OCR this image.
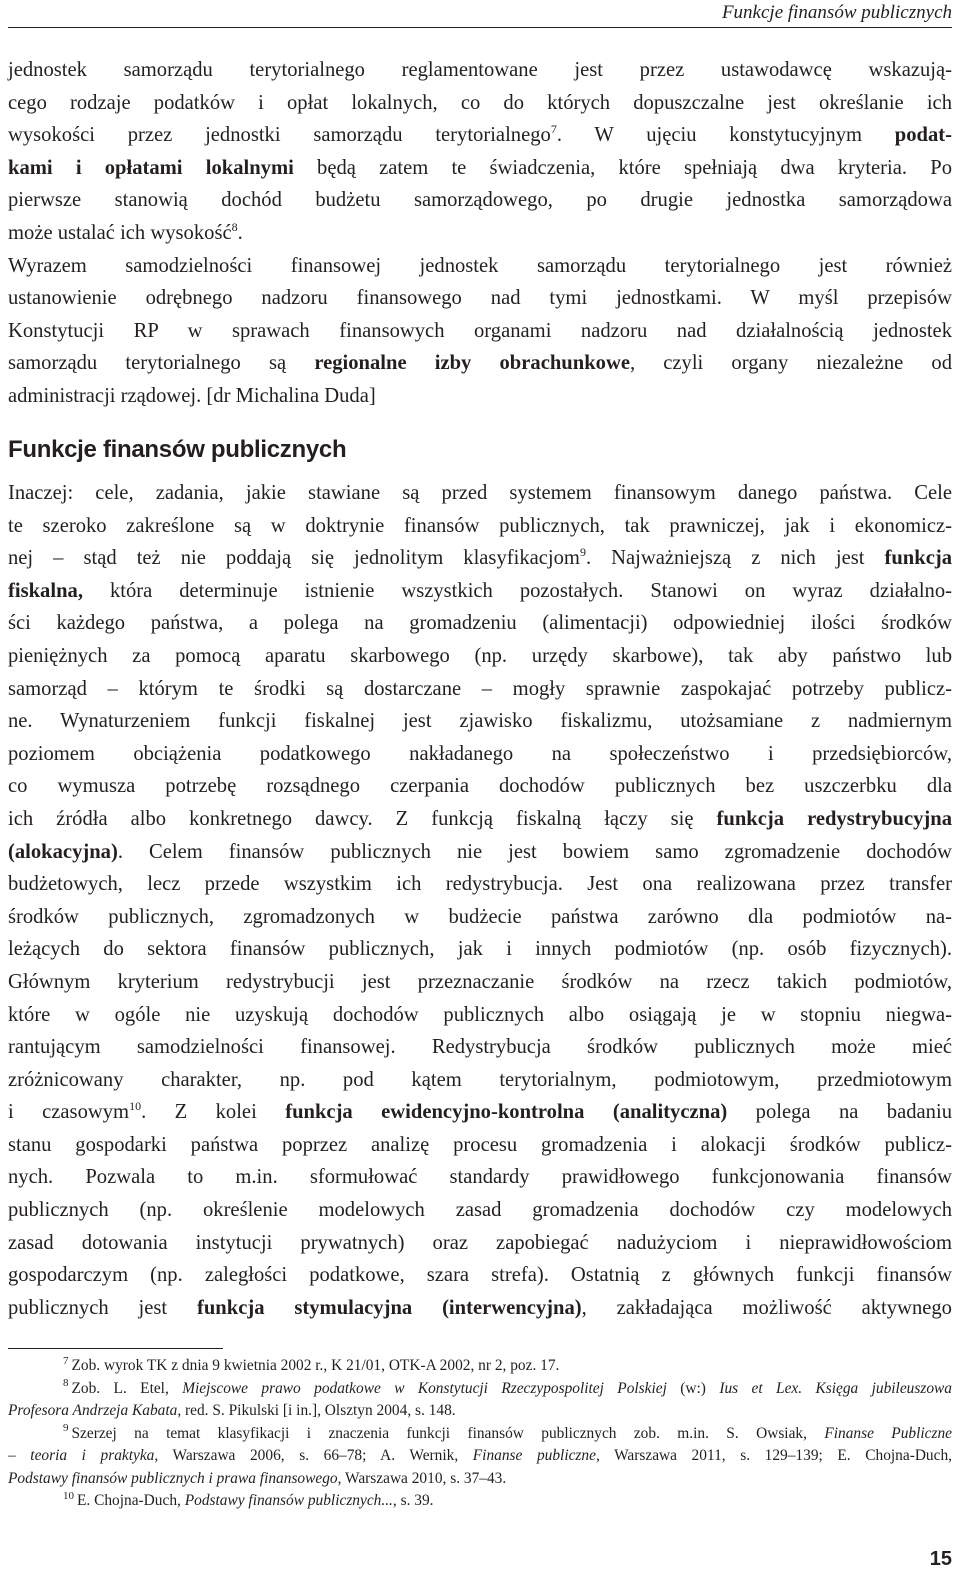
Funkcje finansów publicznych
jednostek samorządu terytorialnego reglamentowane jest przez ustawodawcę wskazują-
cego rodzaje podatków i opłat lokalnych, co do których dopuszczalne jest określanie ich
wysokości przez jednostki samorządu terytorialnego$^7$. W ujęciu konstytucyjnym podat-
kami i opłatami lokalnymi będą zatem te świadczenia, które spełniają dwa kryteria. Po
pierwsze stanowią dochód budżetu samorządowego, po drugie jednostka samorządowa
może ustalać ich wysokość$^8$.
Wyrazem samodzielności finansowej jednostek samorządu terytorialnego jest również
ustanowienie odrębnego nadzoru finansowego nad tymi jednostkami. W myśl przepisów
Konstytucji RP w sprawach finansowych organami nadzoru nad działalnością jednostek
samorządu terytorialnego są regionalne izby obrachunkowe, czyli organy niezależne od
administracji rządowej. [dr Michalina Duda]
Funkcje finansów publicznych
Inaczej: cele, zadania, jakie stawiane są przed systemem finansowym danego państwa. Cele
te szeroko zakreślone są w doktrynie finansów publicznych, tak prawniczej, jak i ekonomicz-
nej – stąd też nie poddają się jednolitym klasyfikacjom$^9$. Najważniejszą z nich jest funkcja
fiskalna, która determinuje istnienie wszystkich pozostałych. Stanowi on wyraz działalno-
ści każdego państwa, a polega na gromadzeniu (alimentacji) odpowiedniej ilości środków
pieniężnych za pomocą aparatu skarbowego (np. urzędy skarbowe), tak aby państwo lub
samorząd – którym te środki są dostarczane – mogły sprawnie zaspokajać potrzeby publicz-
ne. Wynaturzeniem funkcji fiskalnej jest zjawisko fiskalizmu, utożsamiane z nadmiernym
poziomem obciążenia podatkowego nakładanego na społeczeństwo i przedsiębiorców,
co wymusza potrzebę rozsądnego czerpania dochodów publicznych bez uszczerbku dla
ich źródła albo konkretnego dawcy. Z funkcją fiskalną łączy się funkcja redystrybucyjna
(alokacyjna). Celem finansów publicznych nie jest bowiem samo zgromadzenie dochodów
budżetowych, lecz przede wszystkim ich redystrybucja. Jest ona realizowana przez transfer
środków publicznych, zgromadzonych w budżecie państwa zarówno dla podmiotów na-
leżących do sektora finansów publicznych, jak i innych podmiotów (np. osób fizycznych).
Głównym kryterium redystrybucji jest przeznaczanie środków na rzecz takich podmiotów,
które w ogóle nie uzyskują dochodów publicznych albo osiągają je w stopniu niegwa-
rantującym samodzielności finansowej. Redystrybucja środków publicznych może mieć
zróżnicowany charakter, np. pod kątem terytorialnym, podmiotowym, przedmiotowym
i czasowym$^{10}$. Z kolei funkcja ewidencyjno-kontrolna (analityczna) polega na badaniu
stanu gospodarki państwa poprzez analizę procesu gromadzenia i alokacji środków publicz-
nych. Pozwala to m.in. sformułować standardy prawidłowego funkcjonowania finansów
publicznych (np. określenie modelowych zasad gromadzenia dochodów czy modelowych
zasad dotowania instytucji prywatnych) oraz zapobiegać nadużyciom i nieprawidłowościom
gospodarczym (np. zaległości podatkowe, szara strefa). Ostatnią z głównych funkcji finansów
publicznych jest funkcja stymulacyjna (interwencyjna), zakładająca możliwość aktywnego
$^7$ Zob. wyrok TK z dnia 9 kwietnia 2002 r., K 21/01, OTK-A 2002, nr 2, poz. 17.
$^8$ Zob. L. Etel, Miejscowe prawo podatkowe w Konstytucji Rzeczypospolitej Polskiej (w:) Ius et Lex. Księga jubileuszowa
Profesora Andrzeja Kabata, red. S. Pikulski [i in.], Olsztyn 2004, s. 148.
$^9$ Szerzej na temat klasyfikacji i znaczenia funkcji finansów publicznych zob. m.in. S. Owsiak, Finanse Publiczne
– teoria i praktyka, Warszawa 2006, s. 66–78; A. Wernik, Finanse publiczne, Warszawa 2011, s. 129–139; E. Chojna-Duch,
Podstawy finansów publicznych i prawa finansowego, Warszawa 2010, s. 37–43.
$^{10}$ E. Chojna-Duch, Podstawy finansów publicznych..., s. 39.
15
